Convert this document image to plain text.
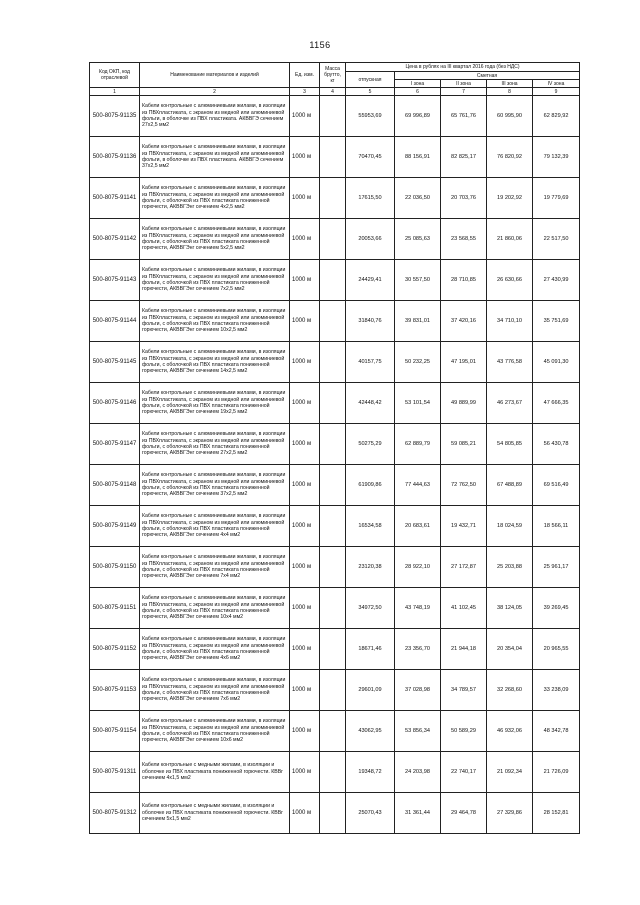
1156
Код ОКП, код отраслевой	Наименование материалов и изделий	Ед. изм.	Масса брутто, кг	Цена в рублях на III квартал 2016 года (без НДС)				
				отпускная	Сметная			
					I зона	II зона	III зона	IV зона
1	2	3	4	5	6	7	8	9
500-8075-91135	Кабели контрольные с алюминиевыми жилами, в изоляции из ПВХпластиката, с экраном из медной или алюминиевой фольги, в оболочке из ПВХ пластиката. АКВВГЭ сечением 27х2,5 мм2	1000 м		55953,69	69 996,89	65 761,76	60 995,90	62 829,92
500-8075-91136	Кабели контрольные с алюминиевыми жилами, в изоляции из ПВХпластиката, с экраном из медной или алюминиевой фольги, в оболочке из ПВХ пластиката. АКВВГЭ сечением 37х2,5 мм2	1000 м		70470,45	88 156,91	82 825,17	76 820,92	79 132,39
500-8075-91141	Кабели контрольные с алюминиевыми жилами, в изоляции из ПВХпластиката, с экраном из медной или алюминиевой фольги, с оболочкой из ПВХ пластиката пониженной горючести, АКВВГЭнг сечением 4х2,5 мм2	1000 м		17615,50	22 036,50	20 703,76	19 202,92	19 779,69
500-8075-91142	Кабели контрольные с алюминиевыми жилами, в изоляции из ПВХпластиката, с экраном из медной или алюминиевой фольги, с оболочкой из ПВХ пластиката пониженной горючести, АКВВГЭнг сечением 5х2,5 мм2	1000 м		20053,66	25 085,63	23 568,55	21 860,06	22 517,50
500-8075-91143	Кабели контрольные с алюминиевыми жилами, в изоляции из ПВХпластиката, с экраном из медной или алюминиевой фольги, с оболочкой из ПВХ пластиката пониженной горючести, АКВВГЭнг сечением 7х2,5 мм2	1000 м		24429,41	30 557,50	28 710,85	26 630,66	27 430,99
500-8075-91144	Кабели контрольные с алюминиевыми жилами, в изоляции из ПВХпластиката, с экраном из медной или алюминиевой фольги, с оболочкой из ПВХ пластиката пониженной горючести, АКВВГЭнг сечением 10х2,5 мм2	1000 м		31840,76	39 831,01	37 420,16	34 710,10	35 751,69
500-8075-91145	Кабели контрольные с алюминиевыми жилами, в изоляции из ПВХпластиката, с экраном из медной или алюминиевой фольги, с оболочкой из ПВХ пластиката пониженной горючести, АКВВГЭнг сечением 14х2,5 мм2	1000 м		40157,75	50 232,25	47 195,01	43 776,58	45 091,30
500-8075-91146	Кабели контрольные с алюминиевыми жилами, в изоляции из ПВХпластиката, с экраном из медной или алюминиевой фольги, с оболочкой из ПВХ пластиката пониженной горючести, АКВВГЭнг сечением 19х2,5 мм2	1000 м		42448,42	53 101,54	49 889,99	46 273,67	47 666,35
500-8075-91147	Кабели контрольные с алюминиевыми жилами, в изоляции из ПВХпластиката, с экраном из медной или алюминиевой фольги, с оболочкой из ПВХ пластиката пониженной горючести, АКВВГЭнг сечением 27х2,5 мм2	1000 м		50275,29	62 889,79	59 085,21	54 805,85	56 430,78
500-8075-91148	Кабели контрольные с алюминиевыми жилами, в изоляции из ПВХпластиката, с экраном из медной или алюминиевой фольги, с оболочкой из ПВХ пластиката пониженной горючести, АКВВГЭнг сечением 37х2,5 мм2	1000 м		61909,86	77 444,63	72 762,50	67 488,89	69 516,49
500-8075-91149	Кабели контрольные с алюминиевыми жилами, в изоляции из ПВХпластиката, с экраном из медной или алюминиевой фольги, с оболочкой из ПВХ пластиката пониженной горючести, АКВВГЭнг сечением 4х4 мм2	1000 м		16534,58	20 683,61	19 432,71	18 024,59	18 566,11
500-8075-91150	Кабели контрольные с алюминиевыми жилами, в изоляции из ПВХпластиката, с экраном из медной или алюминиевой фольги, с оболочкой из ПВХ пластиката пониженной горючести, АКВВГЭнг сечением 7х4 мм2	1000 м		23120,38	28 922,10	27 172,87	25 203,88	25 961,17
500-8075-91151	Кабели контрольные с алюминиевыми жилами, в изоляции из ПВХпластиката, с экраном из медной или алюминиевой фольги, с оболочкой из ПВХ пластиката пониженной горючести, АКВВГЭнг сечением 10х4 мм2	1000 м		34972,50	43 748,19	41 102,45	38 124,05	39 269,45
500-8075-91152	Кабели контрольные с алюминиевыми жилами, в изоляции из ПВХпластиката, с экраном из медной или алюминиевой фольги, с оболочкой из ПВХ пластиката пониженной горючести, АКВВГЭнг сечением 4х6 мм2	1000 м		18671,46	23 356,70	21 944,18	20 354,04	20 965,55
500-8075-91153	Кабели контрольные с алюминиевыми жилами, в изоляции из ПВХпластиката, с экраном из медной или алюминиевой фольги, с оболочкой из ПВХ пластиката пониженной горючести, АКВВГЭнг сечением 7х6 мм2	1000 м		29601,09	37 028,98	34 789,57	32 268,60	33 238,09
500-8075-91154	Кабели контрольные с алюминиевыми жилами, в изоляции из ПВХпластиката, с экраном из медной или алюминиевой фольги, с оболочкой из ПВХ пластиката пониженной горючести, АКВВГЭнг сечением 10х6 мм2	1000 м		43062,95	53 856,34	50 589,29	46 932,06	48 342,78
500-8075-91311	Кабели контрольные с медными жилами, в изоляции и оболочке из ПВХ пластиката пониженной горючести. КВВг сечением 4х1,5 мм2	1000 м		19348,72	24 203,98	22 740,17	21 092,34	21 726,09
500-8075-91312	Кабели контрольные с медными жилами, в изоляции и оболочке из ПВХ пластиката пониженной горючести. КВВг сечением 5х1,5 мм2	1000 м		25070,43	31 361,44	29 464,78	27 329,86	28 152,81
